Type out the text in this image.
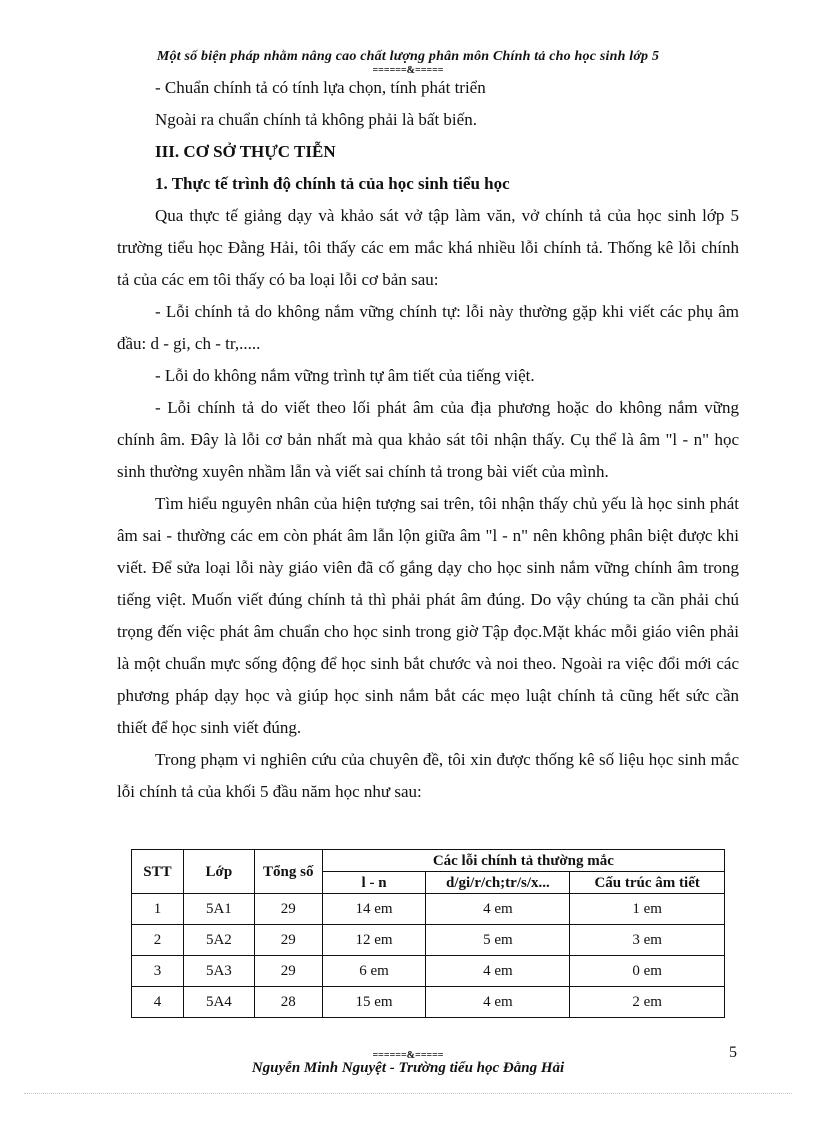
Một số biện pháp nhằm nâng cao chất lượng phân môn Chính tả cho học sinh lớp 5
======&=====

- Chuẩn chính tả có tính lựa chọn, tính phát triển

Ngoài ra chuẩn chính tả không phải là bất biến.

III. CƠ SỞ THỰC TIỄN

1. Thực tế trình độ chính tả của học sinh tiểu học

Qua thực tế giảng dạy và khảo sát vở tập làm văn, vở chính tả của học sinh lớp 5 trường tiểu học Đằng Hải, tôi thấy các em mắc khá nhiều lỗi chính tả. Thống kê lỗi chính tả của các em tôi thấy có ba loại lỗi cơ bản sau:

- Lỗi chính tả do không nắm vững chính tự: lỗi này thường gặp khi viết các phụ âm đầu: d - gi, ch - tr,.....

- Lỗi do không nắm vững trình tự âm tiết của tiếng việt.

- Lỗi chính tả do viết theo lối phát âm của địa phương hoặc do không nắm vững chính âm. Đây là lỗi cơ bản nhất mà qua khảo sát tôi nhận thấy. Cụ thể là âm "l - n" học sinh thường xuyên nhầm lẫn và viết sai chính tả trong bài viết của mình.

Tìm hiểu nguyên nhân của hiện tượng sai trên, tôi nhận thấy chủ yếu là học sinh phát âm sai - thường các em còn phát âm lẫn lộn giữa âm "l - n" nên không phân biệt được khi viết. Để sửa loại lỗi này giáo viên đã cố gắng dạy cho học sinh nắm vững chính âm trong tiếng việt. Muốn viết đúng chính tả thì phải phát âm đúng. Do vậy chúng ta cần phải chú trọng đến việc phát âm chuẩn cho học sinh trong giờ Tập đọc.Mặt khác mỗi giáo viên phải là một chuẩn mực sống động để học sinh bắt chước và noi theo. Ngoài ra việc đổi mới các phương pháp dạy học và giúp học sinh nắm bắt các mẹo luật chính tả cũng hết sức cần thiết để học sinh viết đúng.

Trong phạm vi nghiên cứu của chuyên đề, tôi xin được thống kê số liệu học sinh mắc lỗi chính tả của khối 5 đầu năm học như sau:

STT	Lớp	Tổng số	Các lỗi chính tả thường mắc		
			l - n	d/gi/r/ch;tr/s/x...	Cấu trúc âm tiết
1	5A1	29	14 em	4 em	1 em
2	5A2	29	12 em	5 em	3 em
3	5A3	29	6 em	4 em	0 em
4	5A4	28	15 em	4 em	2 em
======&=====	5
Nguyễn Minh Nguyệt - Trường tiểu học Đằng Hải
